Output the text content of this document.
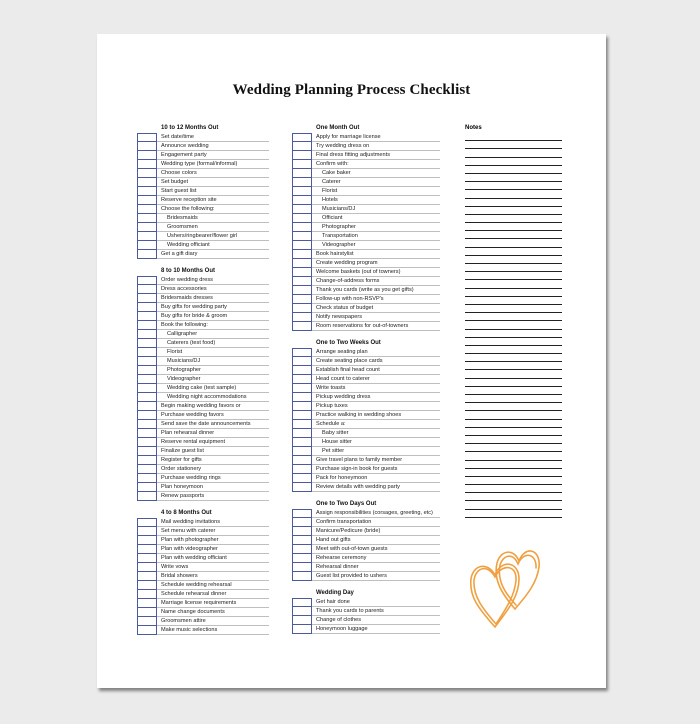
Wedding Planning Process Checklist
10 to 12 Months Out
Set date/time
Announce wedding
Engagement party
Wedding type (formal/informal)
Choose colors
Set budget
Start guest list
Reserve reception site
Choose the following:
Bridesmaids
Groomsmen
Ushers/ringbearer/flower girl
Wedding officiant
Get a gift diary
8 to 10 Months Out
Order wedding dress
Dress accessories
Bridesmaids dresses
Buy gifts for wedding party
Buy gifts for bride & groom
Book the following:
Calligrapher
Caterers (test food)
Florist
Musicians/DJ
Photographer
Videographer
Wedding cake (test sample)
Wedding night accommodations
Begin making wedding favors or
Purchase wedding favors
Send save the date announcements
Plan rehearsal dinner
Reserve rental equipment
Finalize guest list
Register for gifts
Order stationery
Purchase wedding rings
Plan honeymoon
Renew passports
4 to 8 Months Out
Mail wedding invitations
Set menu with caterer
Plan with photographer
Plan with videographer
Plan with wedding officiant
Write vows
Bridal showers
Schedule wedding rehearsal
Schedule rehearsal dinner
Marriage license requirements
Name change documents
Groomsmen attire
Make music selections
One Month Out
Apply for marriage license
Try wedding dress on
Final dress fitting adjustments
Confirm with:
Cake baker
Caterer
Florist
Hotels
Musicians/DJ
Officiant
Photographer
Transportation
Videographer
Book hairstylist
Create wedding program
Welcome baskets (out of towners)
Change-of-address forms
Thank you cards (write as you get gifts)
Follow-up with non-RSVP's
Check status of budget
Notify newspapers
Room reservations for out-of-towners
One to Two Weeks Out
Arrange seating plan
Create seating place cards
Establish final head count
Head count to caterer
Write toasts
Pickup wedding dress
Pickup tuxes
Practice walking in wedding shoes
Schedule a:
Baby sitter
House sitter
Pet sitter
Give travel plans to family member
Purchase sign-in book for guests
Pack for honeymoon
Review details with wedding party
One to Two Days Out
Assign responsibilities (corsages, greeting, etc)
Confirm transportation
Manicure/Pedicure (bride)
Hand out gifts
Meet with out-of-town guests
Rehearse ceremony
Rehearsal dinner
Guest list provided to ushers
Wedding Day
Get hair done
Thank you cards to parents
Change of clothes
Honeymoon luggage
Notes
